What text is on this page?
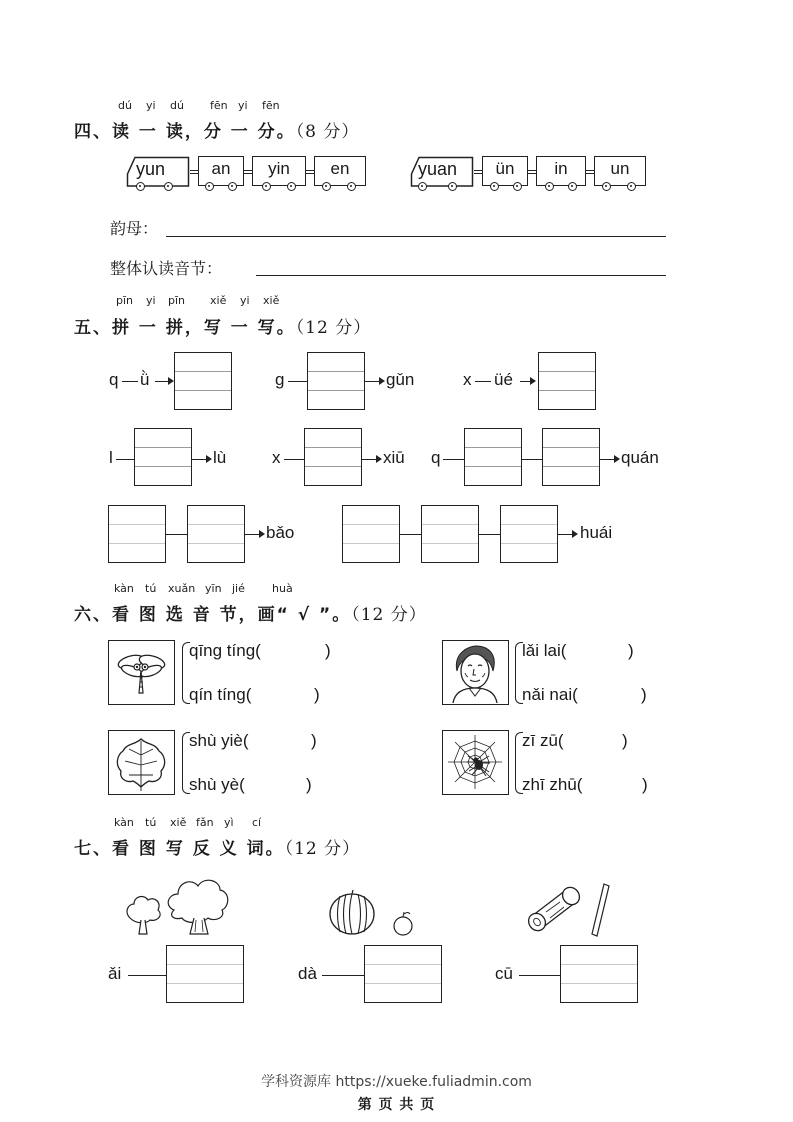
dú yi dú fēn yi fēn
四、读 一 读，分 一 分。（8 分）
yun	an	yin	en	yuan	ün	in	un
韵母：
整体认读音节：
pīn yi pīn xiě yi xiě
五、拼 一 拼，写 一 写。（12 分）
q ǜ	g	gǔn	x üé
l	lù	x	xiū q	quán
bǎo	huái
kàn tú xuǎn yīn jié huà
六、看 图 选 音 节，画“ √ ”。（12 分）
qīng tíng(	)
qín tíng(	)
lǎi lai(	)
nǎi nai(	)
shù yiè(	)
shù yè(	)
zī zū(	)
zhī zhū(	)
kàn tú xiě fǎn yì cí
七、看 图 写 反 义 词。（12 分）
ǎi	dà	cū
学科资源库 https://xueke.fuliadmin.com
第 页 共 页
